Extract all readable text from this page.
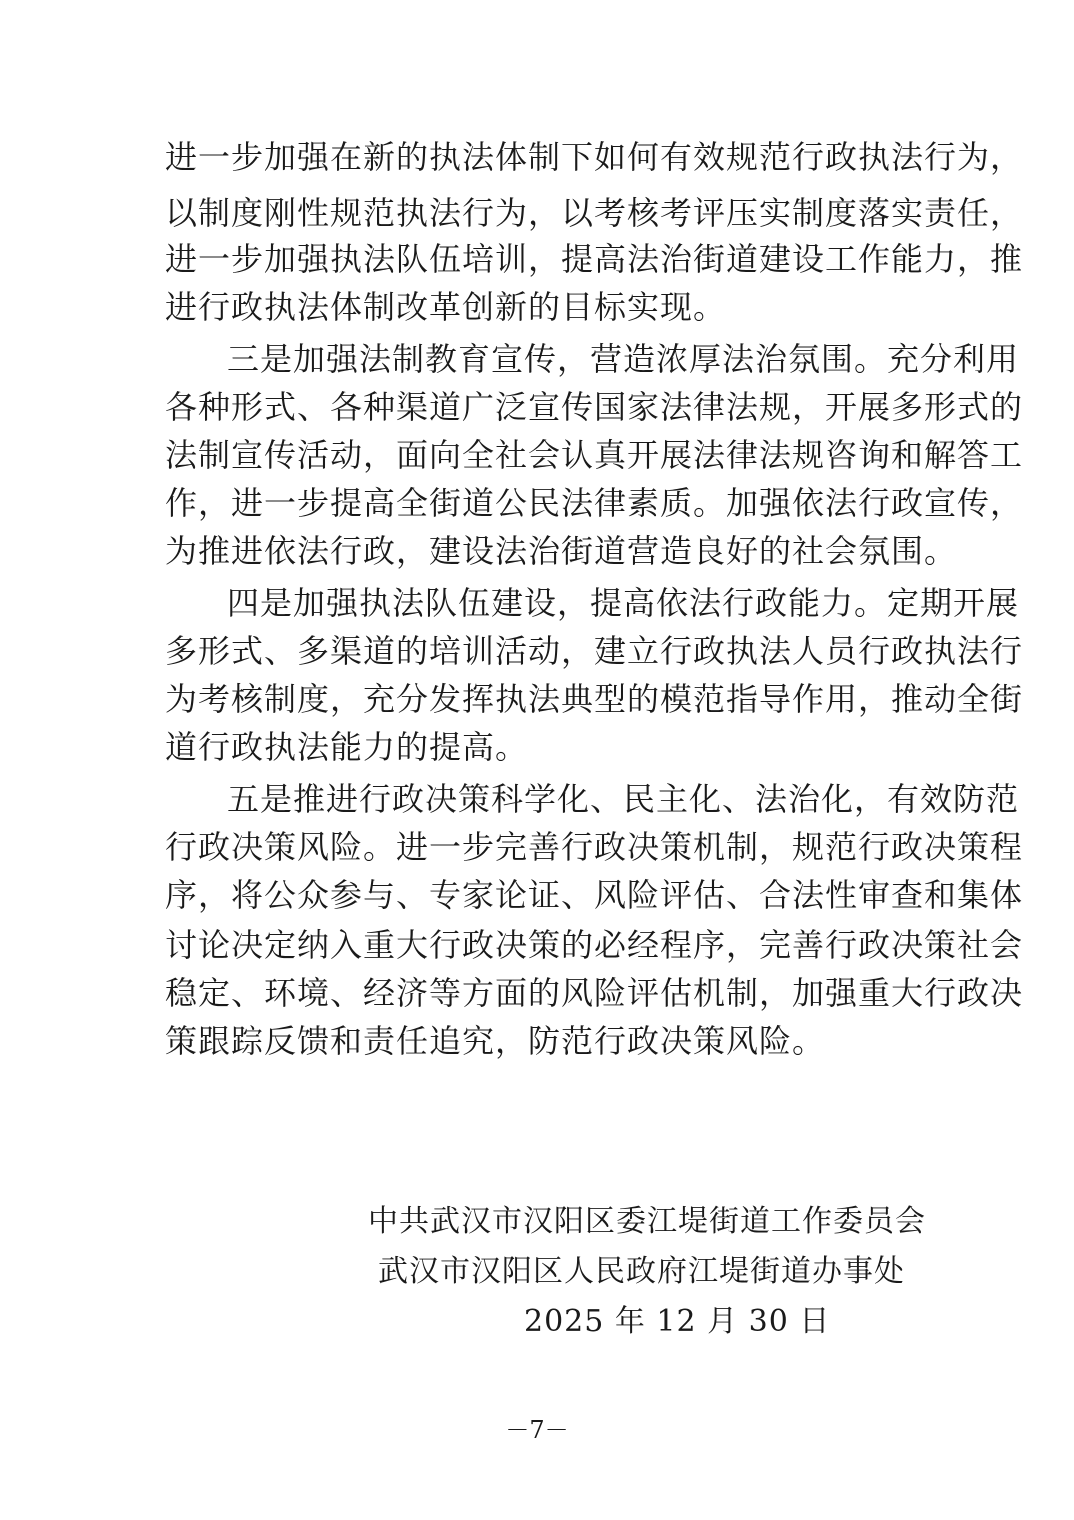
进一步加强在新的执法体制下如何有效规范行政执法行为，
以制度刚性规范执法行为，以考核考评压实制度落实责任，
进一步加强执法队伍培训，提高法治街道建设工作能力，推
进行政执法体制改革创新的目标实现。
三是加强法制教育宣传，营造浓厚法治氛围。充分利用
各种形式、各种渠道广泛宣传国家法律法规，开展多形式的
法制宣传活动，面向全社会认真开展法律法规咨询和解答工
作，进一步提高全街道公民法律素质。加强依法行政宣传，
为推进依法行政，建设法治街道营造良好的社会氛围。
四是加强执法队伍建设，提高依法行政能力。定期开展
多形式、多渠道的培训活动，建立行政执法人员行政执法行
为考核制度，充分发挥执法典型的模范指导作用，推动全街
道行政执法能力的提高。
五是推进行政决策科学化、民主化、法治化，有效防范
行政决策风险。进一步完善行政决策机制，规范行政决策程
序，将公众参与、专家论证、风险评估、合法性审查和集体
讨论决定纳入重大行政决策的必经程序，完善行政决策社会
稳定、环境、经济等方面的风险评估机制，加强重大行政决
策跟踪反馈和责任追究，防范行政决策风险。
中共武汉市汉阳区委江堤街道工作委员会
武汉市汉阳区人民政府江堤街道办事处
2025 年 12 月 30 日
－7－
